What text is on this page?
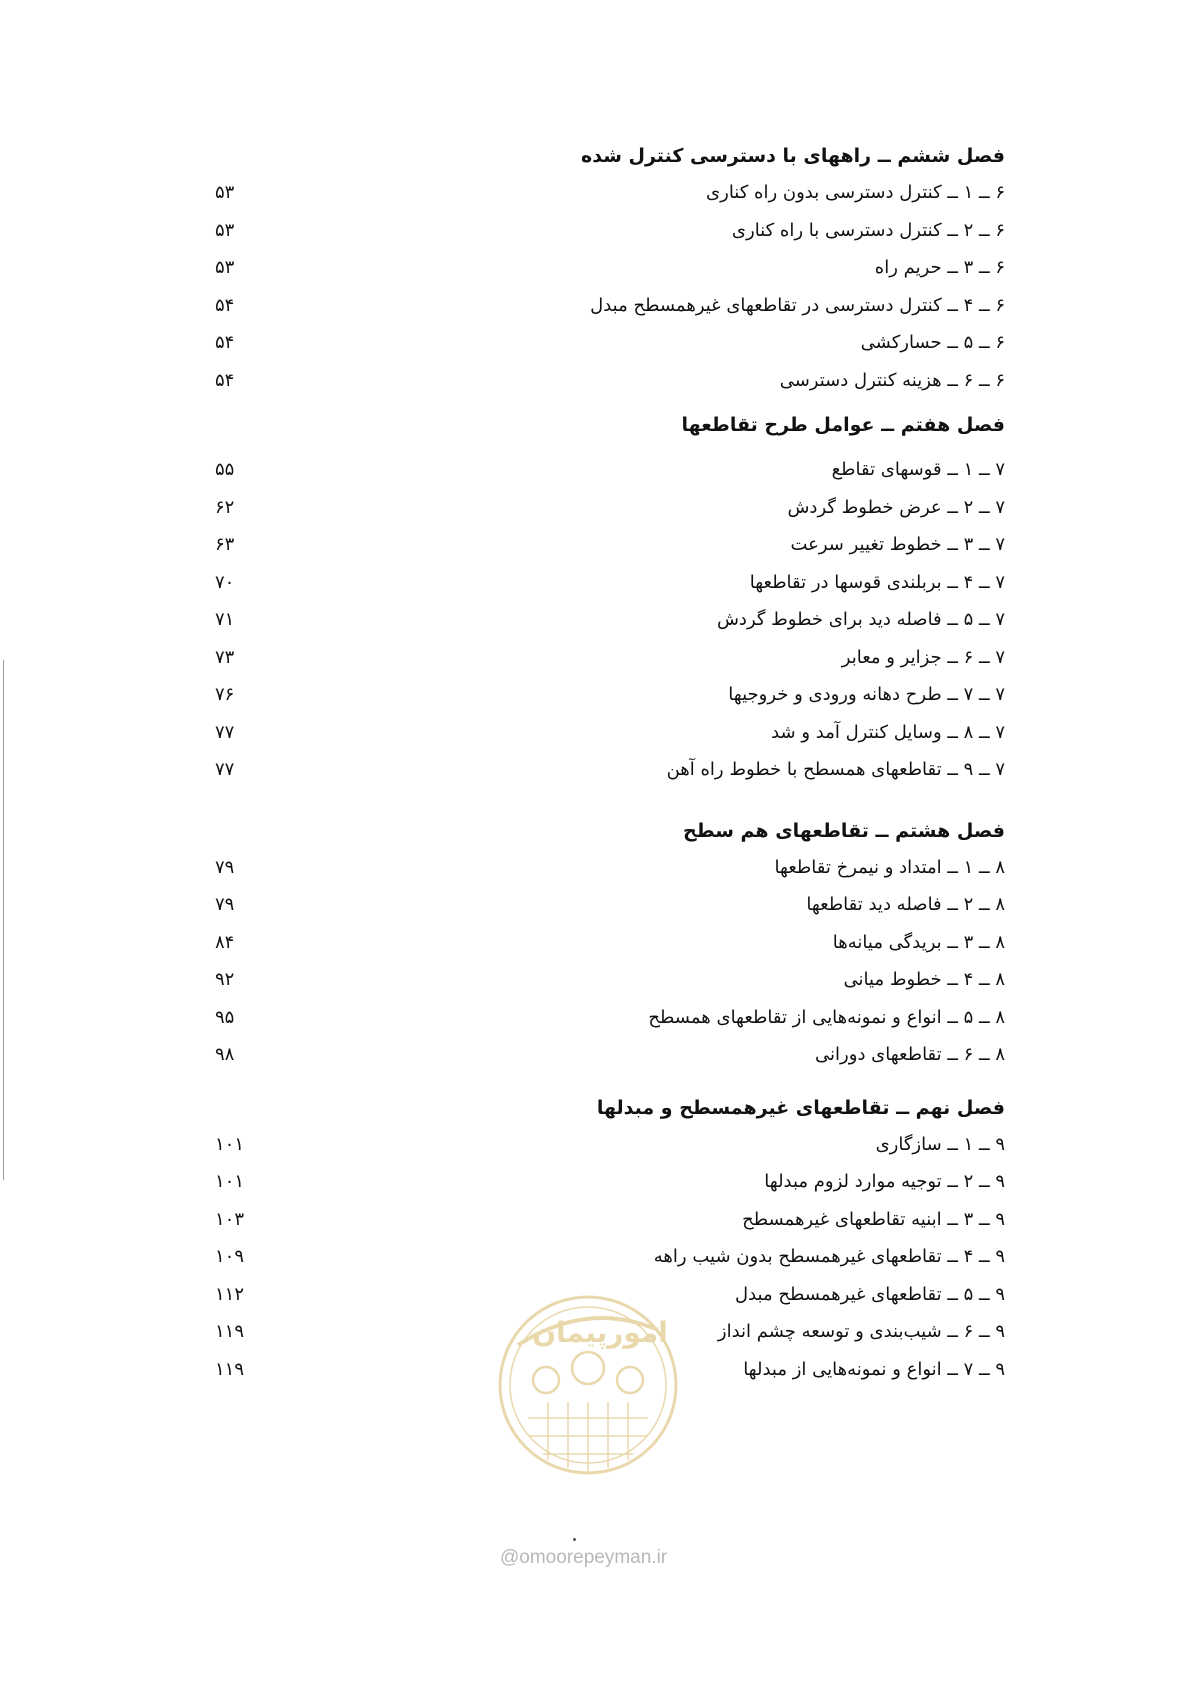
فصل ششم ــ راههای با دسترسی کنترل شده
۶ ــ ۱ ــ کنترل دسترسی بدون راه کناری
۵۳
۶ ــ ۲ ــ کنترل دسترسی با راه کناری
۵۳
۶ ــ ۳ ــ حریم راه
۵۳
۶ ــ ۴ ــ کنترل دسترسی در تقاطعهای غیرهمسطح مبدل
۵۴
۶ ــ ۵ ــ حسارکشی
۵۴
۶ ــ ۶ ــ هزینه کنترل دسترسی
۵۴
فصل هفتم ــ عوامل طرح تقاطعها
۷ ــ ۱ ــ قوسهای تقاطع
۵۵
۷ ــ ۲ ــ عرض خطوط گردش
۶۲
۷ ــ ۳ ــ خطوط تغییر سرعت
۶۳
۷ ــ ۴ ــ بربلندی قوسها در تقاطعها
۷۰
۷ ــ ۵ ــ فاصله دید برای خطوط گردش
۷۱
۷ ــ ۶ ــ جزایر و معابر
۷۳
۷ ــ ۷ ــ طرح دهانه ورودی و خروجیها
۷۶
۷ ــ ۸ ــ وسایل کنترل آمد و شد
۷۷
۷ ــ ۹ ــ تقاطعهای همسطح با خطوط راه آهن
۷۷
فصل هشتم ــ تقاطعهای هم سطح
۸ ــ ۱ ــ امتداد و نیمرخ تقاطعها
۷۹
۸ ــ ۲ ــ فاصله دید تقاطعها
۷۹
۸ ــ ۳ ــ بریدگی میانه‌ها
۸۴
۸ ــ ۴ ــ خطوط میانی
۹۲
۸ ــ ۵ ــ انواع و نمونه‌هایی از تقاطعهای همسطح
۹۵
۸ ــ ۶ ــ تقاطعهای دورانی
۹۸
فصل نهم ــ تقاطعهای غیرهمسطح و مبدلها
۹ ــ ۱ ــ سازگاری
۱۰۱
۹ ــ ۲ ــ توجیه موارد لزوم مبدلها
۱۰۱
۹ ــ ۳ ــ ابنیه تقاطعهای غیرهمسطح
۱۰۳
۹ ــ ۴ ــ تقاطعهای غیرهمسطح بدون شیب راهه
۱۰۹
۹ ــ ۵ ــ تقاطعهای غیرهمسطح مبدل
۱۱۲
۹ ــ ۶ ــ شیب‌بندی و توسعه چشم انداز
۱۱۹
۹ ــ ۷ ــ انواع و نمونه‌هایی از مبدلها
۱۱۹
امورپیمان
@omoorepeyman.ir
